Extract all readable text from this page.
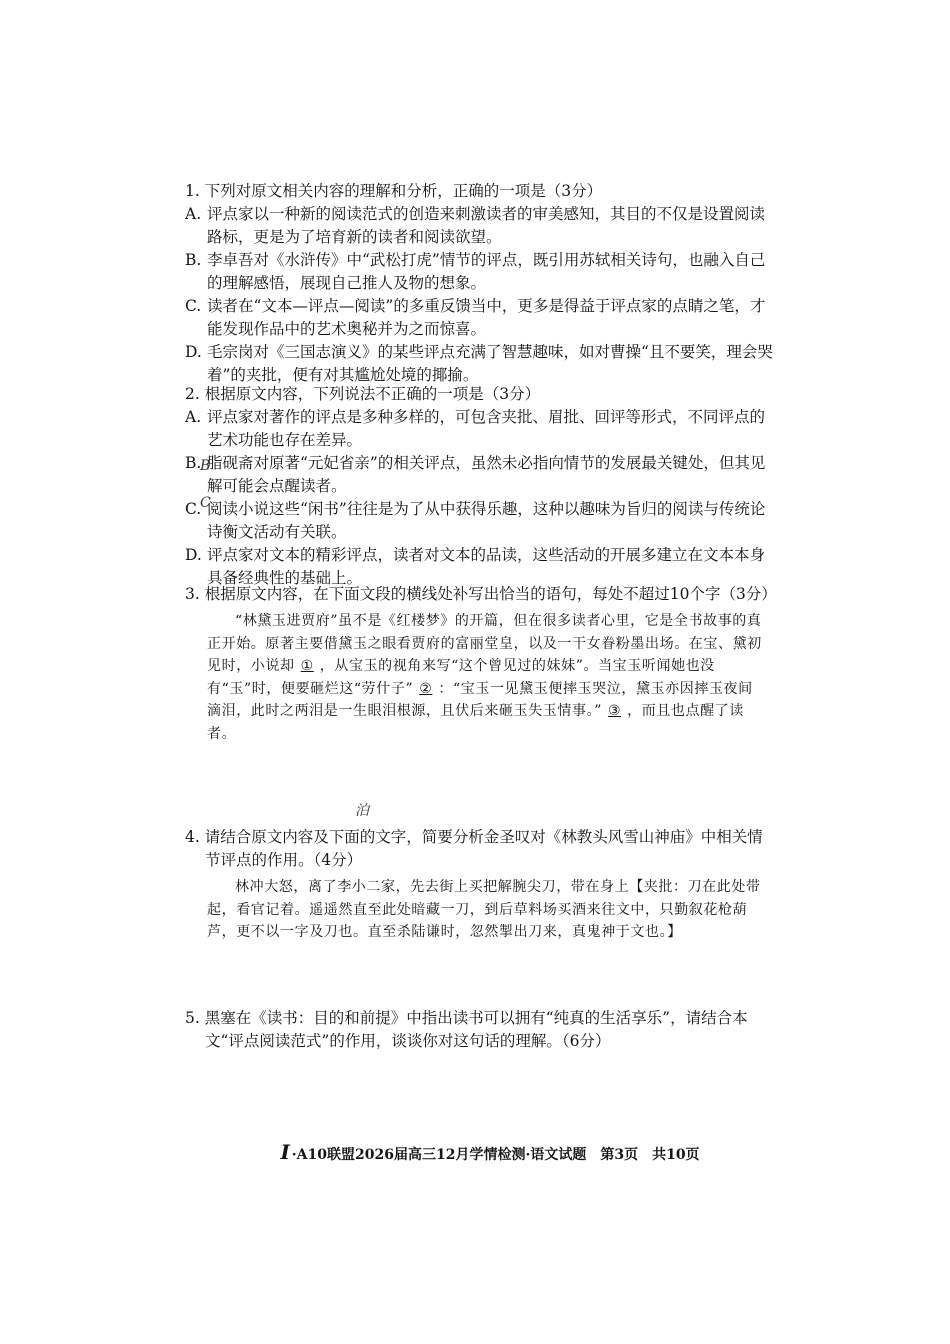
1. 下列对原文相关内容的理解和分析，正确的一项是（3分）
A. 评点家以一种新的阅读范式的创造来刺激读者的审美感知，其目的不仅是设置阅读路标，更是为了培育新的读者和阅读欲望。
B. 李卓吾对《水浒传》中“武松打虎”情节的评点，既引用苏轼相关诗句，也融入自己的理解感悟，展现自己推人及物的想象。
C. 读者在“文本—评点—阅读”的多重反馈当中，更多是得益于评点家的点睛之笔，才能发现作品中的艺术奥秘并为之而惊喜。
D. 毛宗岗对《三国志演义》的某些评点充满了智慧趣味，如对曹操“且不要笑，理会哭着”的夹批，便有对其尴尬处境的揶揄。
2. 根据原文内容，下列说法不正确的一项是（3分）
A. 评点家对著作的评点是多种多样的，可包含夹批、眉批、回评等形式，不同评点的艺术功能也存在差异。
B. 脂砚斋对原著“元妃省亲”的相关评点，虽然未必指向情节的发展最关键处，但其见解可能会点醒读者。
C. 阅读小说这些“闲书”往往是为了从中获得乐趣，这种以趣味为旨归的阅读与传统论诗衡文活动有关联。
D. 评点家对文本的精彩评点，读者对文本的品读，这些活动的开展多建立在文本本身具备经典性的基础上。
B
C
3. 根据原文内容，在下面文段的横线处补写出恰当的语句，每处不超过10个字（3分）

“林黛玉进贾府”虽不是《红楼梦》的开篇，但在很多读者心里，它是全书故事的真正开始。原著主要借黛玉之眼看贾府的富丽堂皇，以及一干女眷粉墨出场。在宝、黛初见时，小说却 ① ，从宝玉的视角来写“这个曾见过的妹妹”。当宝玉听闻她也没有“玉”时，便要砸烂这“劳什子” ② ：“宝玉一见黛玉便摔玉哭泣，黛玉亦因摔玉夜间滴泪，此时之两泪是一生眼泪根源，且伏后来砸玉失玉情事。” ③ ，而且也点醒了读者。

泊
4. 请结合原文内容及下面的文字，简要分析金圣叹对《林教头风雪山神庙》中相关情节评点的作用。（4分）

林冲大怒，离了李小二家，先去街上买把解腕尖刀，带在身上【夹批：刀在此处带起，看官记着。遥遥然直至此处暗藏一刀，到后草料场买酒来往文中，只勤叙花枪葫芦，更不以一字及刀也。直至杀陆谦时，忽然掣出刀来，真鬼神于文也。】

5. 黑塞在《读书：目的和前提》中指出读书可以拥有“纯真的生活享乐”，请结合本文“评点阅读范式”的作用，谈谈你对这句话的理解。（6分）
I ·A10联盟2026届高三12月学情检测·语文试题　第3页　共10页
